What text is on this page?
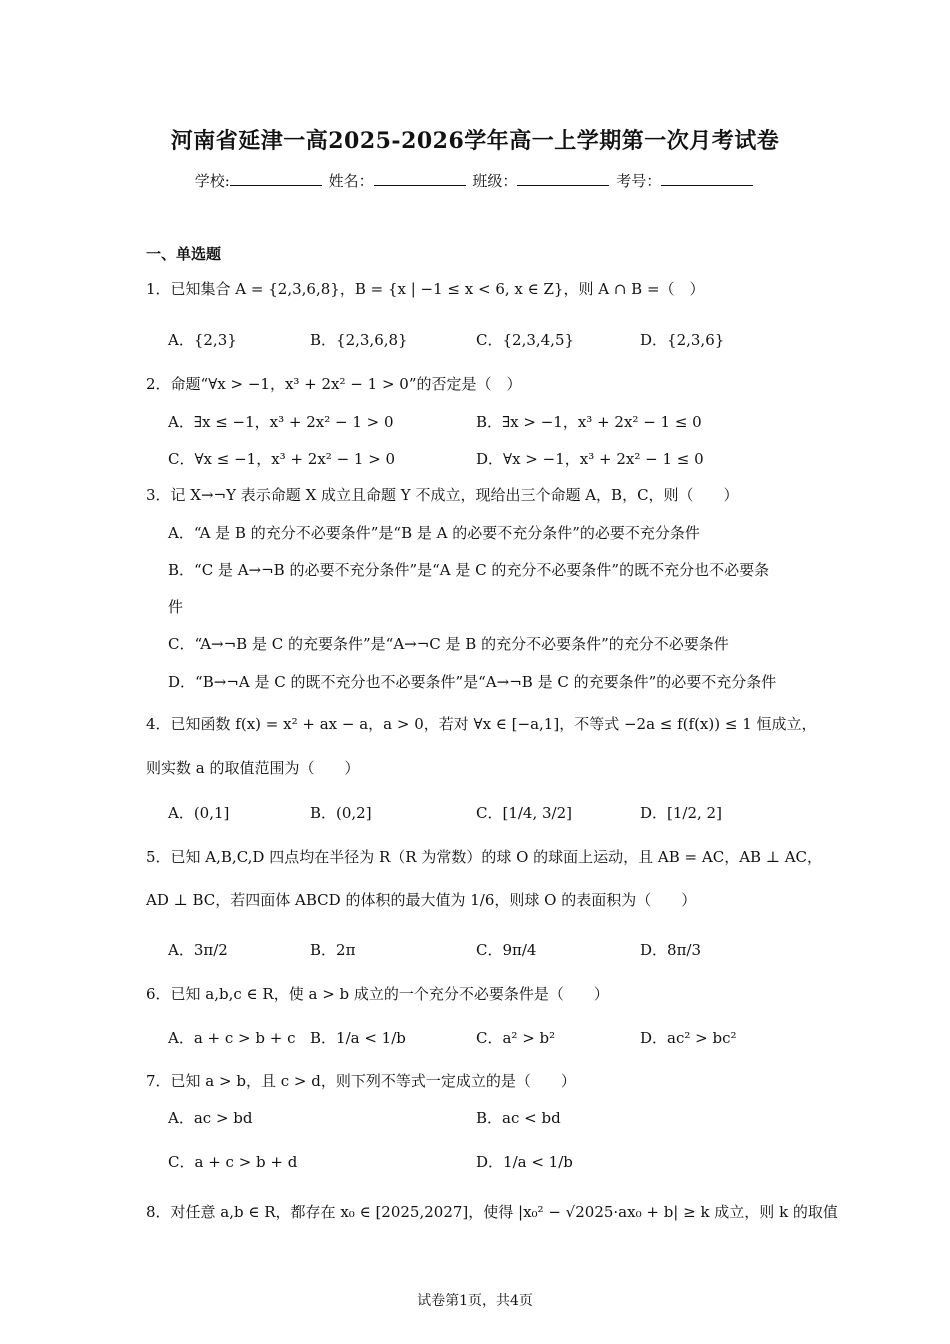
河南省延津一高2025-2026学年高一上学期第一次月考试卷
学校:	姓名：	班级：	考号：
一、单选题
1．已知集合 A = {2,3,6,8}，B = {x | −1 ≤ x < 6, x ∈ Z}，则 A ∩ B =（　）
A．{2,3}	B．{2,3,6,8}	C．{2,3,4,5}	D．{2,3,6}
2．命题“∀x > −1，x³ + 2x² − 1 > 0”的否定是（　）
A．∃x ≤ −1，x³ + 2x² − 1 > 0	B．∃x > −1，x³ + 2x² − 1 ≤ 0
C．∀x ≤ −1，x³ + 2x² − 1 > 0	D．∀x > −1，x³ + 2x² − 1 ≤ 0
3．记 X→¬Y 表示命题 X 成立且命题 Y 不成立，现给出三个命题 A，B，C，则（　　）
A．“A 是 B 的充分不必要条件”是“B 是 A 的必要不充分条件”的必要不充分条件
B．“C 是 A→¬B 的必要不充分条件”是“A 是 C 的充分不必要条件”的既不充分也不必要条
件
C．“A→¬B 是 C 的充要条件”是“A→¬C 是 B 的充分不必要条件”的充分不必要条件
D．“B→¬A 是 C 的既不充分也不必要条件”是“A→¬B 是 C 的充要条件”的必要不充分条件
4．已知函数 f(x) = x² + ax − a，a > 0，若对 ∀x ∈ [−a,1]，不等式 −2a ≤ f(f(x)) ≤ 1 恒成立，
则实数 a 的取值范围为（　　）
A．(0,1]	B．(0,2]	C．[1/4, 3/2]	D．[1/2, 2]
5．已知 A,B,C,D 四点均在半径为 R（R 为常数）的球 O 的球面上运动，且 AB = AC，AB ⊥ AC，
AD ⊥ BC，若四面体 ABCD 的体积的最大值为 1/6，则球 O 的表面积为（　　）
A．3π/2	B．2π	C．9π/4	D．8π/3
6．已知 a,b,c ∈ R，使 a > b 成立的一个充分不必要条件是（　　）
A．a + c > b + c B．1/a < 1/b	C．a² > b²	D．ac² > bc²
7．已知 a > b，且 c > d，则下列不等式一定成立的是（　　）
A．ac > bd	B．ac < bd
C．a + c > b + d	D．1/a < 1/b
8．对任意 a,b ∈ R，都存在 x₀ ∈ [2025,2027]，使得 |x₀² − √2025·ax₀ + b| ≥ k 成立，则 k 的取值
试卷第1页，共4页
